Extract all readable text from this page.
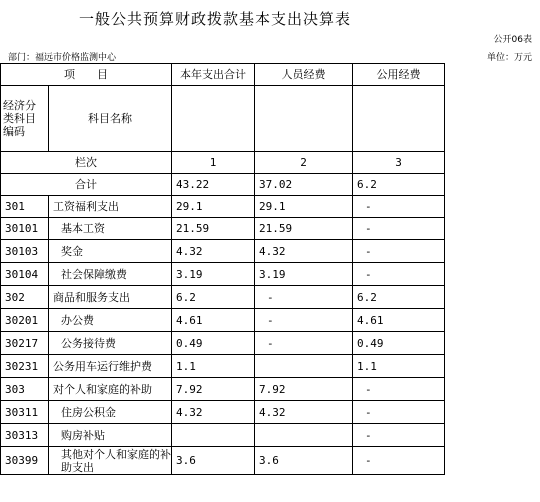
一般公共预算财政拨款基本支出决算表
公开06表
部门：福远市价格监测中心	单位：万元
项　　目		本年支出合计	人员经费	公用经费
经济分类科目编码	科目名称			
栏次		1	2	3
合计		43.22	37.02	6.2
301	工资福利支出	29.1	29.1	-
30101	基本工资	21.59	21.59	-
30103	奖金	4.32	4.32	-
30104	社会保障缴费	3.19	3.19	-
302	商品和服务支出	6.2	-	6.2
30201	办公费	4.61	-	4.61
30217	公务接待费	0.49	-	0.49
30231	公务用车运行维护费	1.1		1.1
303	对个人和家庭的补助	7.92	7.92	-
30311	住房公积金	4.32	4.32	-
30313	购房补贴			-
30399	其他对个人和家庭的补助支出	3.6	3.6	-
